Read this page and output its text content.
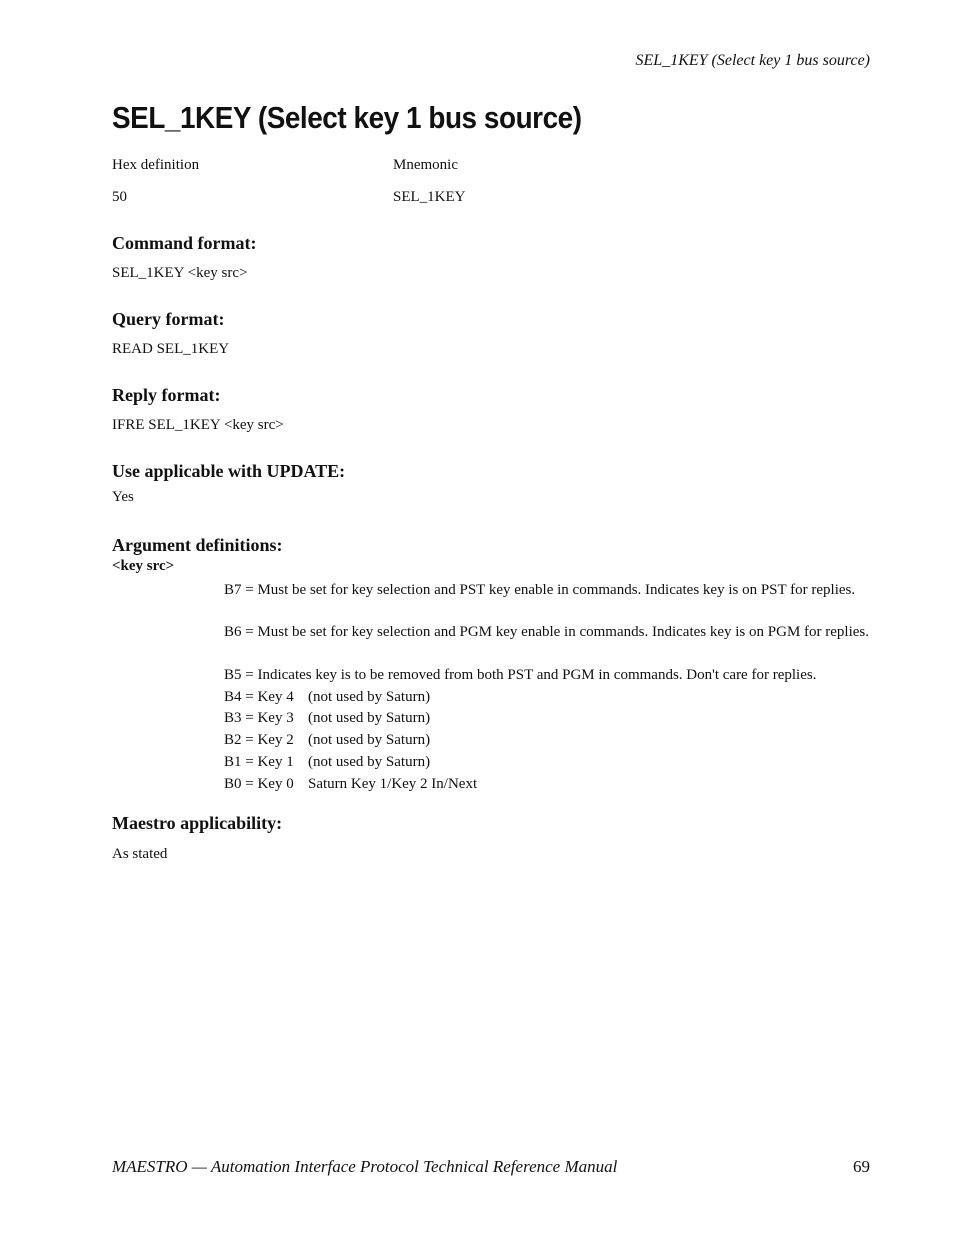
SEL_1KEY (Select key 1 bus source)
SEL_1KEY (Select key 1 bus source)
Hex definition	Mnemonic
50	SEL_1KEY
Command format:
SEL_1KEY <key src>
Query format:
READ SEL_1KEY
Reply format:
IFRE SEL_1KEY <key src>
Use applicable with UPDATE:
Yes
Argument definitions:
<key src>
B7 = Must be set for key selection and PST key enable in commands. Indicates key is on PST for replies.
B6 = Must be set for key selection and PGM key enable in commands. Indicates key is on PGM for replies.
B5 = Indicates key is to be removed from both PST and PGM in commands. Don't care for replies.
B4 = Key 4 (not used by Saturn)
B3 = Key 3 (not used by Saturn)
B2 = Key 2 (not used by Saturn)
B1 = Key 1 (not used by Saturn)
B0 = Key 0 Saturn Key 1/Key 2 In/Next
Maestro applicability:
As stated
MAESTRO — Automation Interface Protocol Technical Reference Manual	69
